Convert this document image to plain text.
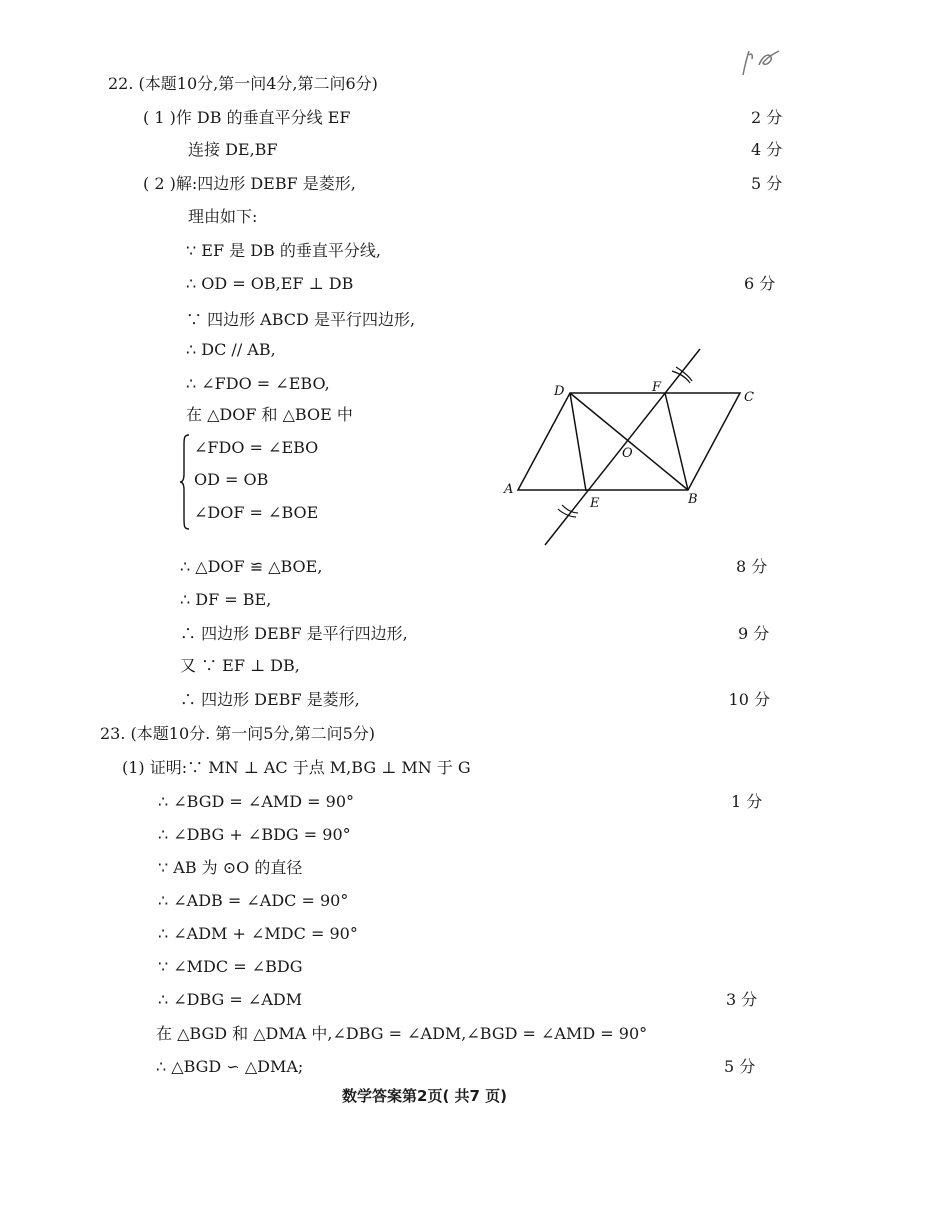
22. (本题10分,第一问4分,第二问6分)
( 1 ) 作 DB 的垂直平分线 EF	2 分
连接 DE,BF	4 分
( 2 ) 解:四边形 DEBF 是菱形,	5 分
理由如下:
∵ EF 是 DB 的垂直平分线,
∴ OD = OB,EF ⊥ DB	6 分
∵ 四边形 ABCD 是平行四边形,
∴ DC // AB,
∴ ∠FDO = ∠EBO,
在 △DOF 和 △BOE 中
∠FDO = ∠EBO
OD = OB
∠DOF = ∠BOE
A
D	F
C
O
E	B
∴ △DOF ≌ △BOE,	8 分
∴ DF = BE,
∴ 四边形 DEBF 是平行四边形,	9 分
又 ∵ EF ⊥ DB,
∴ 四边形 DEBF 是菱形,	10 分
23. (本题10分. 第一问5分,第二问5分)
(1) 证明:∵ MN ⊥ AC 于点 M,BG ⊥ MN 于 G
∴ ∠BGD = ∠AMD = 90°	1 分
∴ ∠DBG + ∠BDG = 90°
∵ AB 为 ⊙O 的直径
∴ ∠ADB = ∠ADC = 90°
∴ ∠ADM + ∠MDC = 90°
∵ ∠MDC = ∠BDG
∴ ∠DBG = ∠ADM	3 分
在 △BGD 和 △DMA 中,∠DBG = ∠ADM,∠BGD = ∠AMD = 90°
∴ △BGD ∽ △DMA;	5 分
数学答案第2页( 共7 页)
